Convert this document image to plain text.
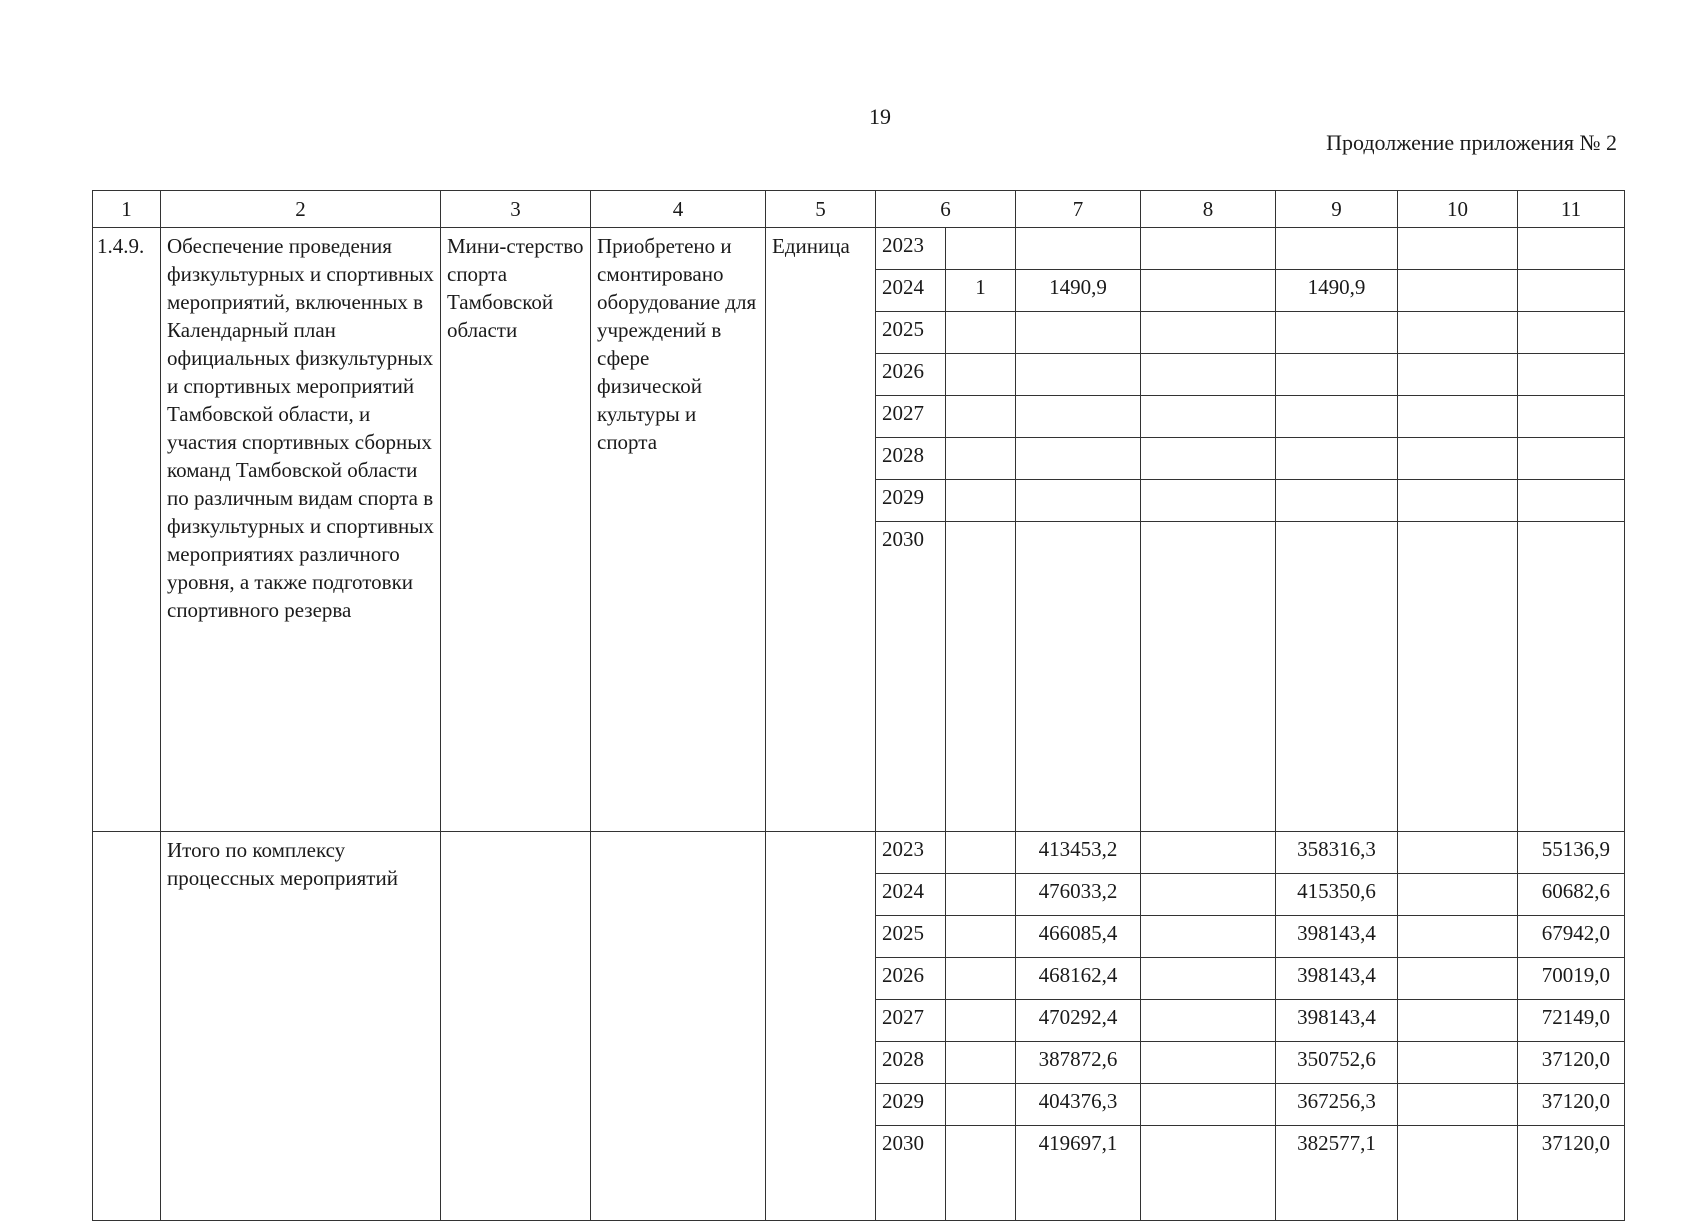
19
Продолжение приложения № 2
1	2	3	4	5	6		7	8	9	10	11
1.4.9.	Обеспечение проведения физкультурных и спортивных мероприятий, включенных в Календарный план официальных физкультурных и спортивных мероприятий Тамбовской области, и участия спортивных сборных команд Тамбовской области по различным видам спорта в физкультурных и спортивных мероприятиях различного уровня, а также подготовки спортивного резерва	Мини-стерство спорта Тамбовской области	Приобретено и смонтировано оборудование для учреждений в сфере физической культуры и спорта	Единица	2023						
					2024	1	1490,9		1490,9		
					2025						
					2026						
					2027						
					2028						
					2029						
					2030						
	Итого по комплексу процессных мероприятий				2023		413453,2		358316,3		55136,9
					2024		476033,2		415350,6		60682,6
					2025		466085,4		398143,4		67942,0
					2026		468162,4		398143,4		70019,0
					2027		470292,4		398143,4		72149,0
					2028		387872,6		350752,6		37120,0
					2029		404376,3		367256,3		37120,0
					2030		419697,1		382577,1		37120,0
